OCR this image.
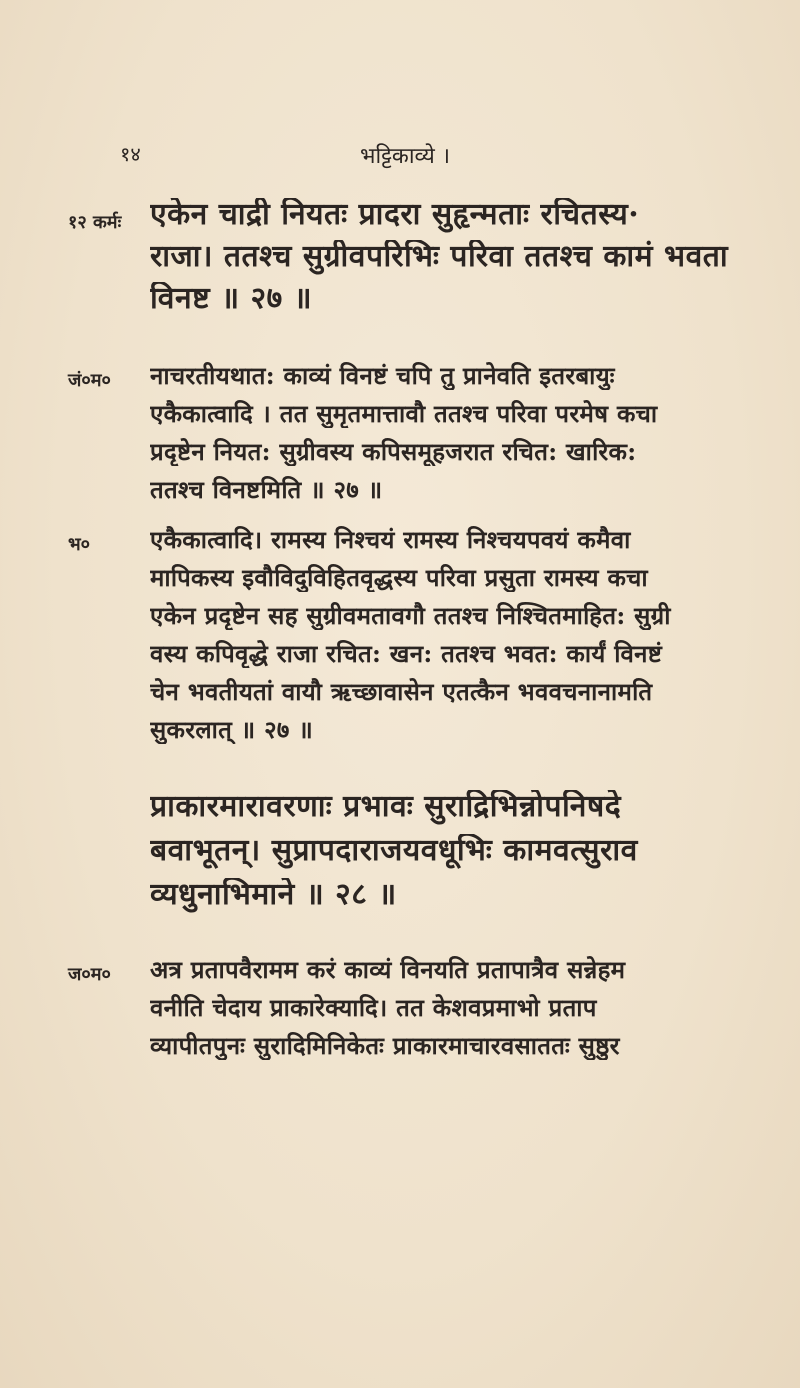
१४	भट्टिकाव्ये ।
१२ कर्मः एकेन चाद्री नियतः प्रादरा सुहृन्मताः रचितस्य·
राजा। ततश्च सुग्रीवपरिभिः परिवा ततश्च कामं भवता
विनष्ट ॥ २७ ॥
जं०म० नाचरतीयथात: काव्यं विनष्टं चपि तु प्रानेवति इतरबायुः
एकैकात्वादि । तत सुमृतमात्तावौ ततश्च परिवा परमेष कचा
प्रदृष्टेन नियत: सुग्रीवस्य कपिसमूहजरात रचित: खारिक:
ततश्च विनष्टमिति ॥ २७ ॥
भ० एकैकात्वादि। रामस्य निश्चयं रामस्य निश्चयपवयं कमैवा
मापिकस्य इवौविदुविहितवृद्धस्य परिवा प्रसुता रामस्य कचा
एकेन प्रदृष्टेन सह सुग्रीवमतावगौ ततश्च निश्चितमाहित: सुग्री
वस्य कपिवृद्धे राजा रचित: खन: ततश्च भवत: कार्यं विनष्टं
चेन भवतीयतां वायौ ऋच्छावासेन एतत्कैन भववचनानामति
सुकरलात् ॥ २७ ॥
प्राकारमारावरणाः प्रभावः सुराद्रिभिन्नोपनिषदे
बवाभूतन्। सुप्रापदाराजयवधूभिः कामवत्सुराव
व्यधुनाभिमाने ॥ २८ ॥
ज०म० अत्र प्रतापवैरामम करं काव्यं विनयति प्रतापात्रैव सन्नेहम
वनीति चेदाय प्राकारेक्यादि। तत केशवप्रमाभो प्रताप
व्यापीतपुनः सुरादिमिनिकेतः प्राकारमाचारवसाततः सुष्ठुर
